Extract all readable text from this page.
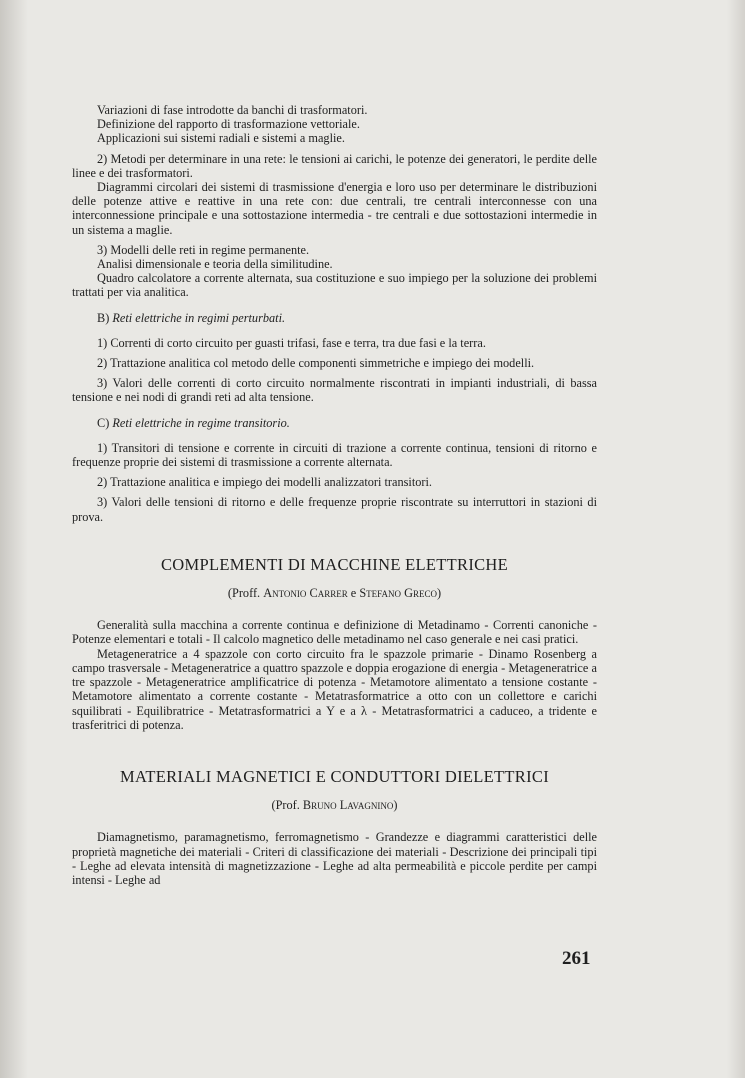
Variazioni di fase introdotte da banchi di trasformatori.

Definizione del rapporto di trasformazione vettoriale.

Applicazioni sui sistemi radiali e sistemi a maglie.

2) Metodi per determinare in una rete: le tensioni ai carichi, le potenze dei generatori, le perdite delle linee e dei trasformatori.

Diagrammi circolari dei sistemi di trasmissione d'energia e loro uso per determinare le distribuzioni delle potenze attive e reattive in una rete con: due centrali, tre centrali interconnesse con una interconnessione principale e una sottostazione intermedia - tre centrali e due sottostazioni intermedie in un sistema a maglie.

3) Modelli delle reti in regime permanente.

Analisi dimensionale e teoria della similitudine.

Quadro calcolatore a corrente alternata, sua costituzione e suo impiego per la soluzione dei problemi trattati per via analitica.

B) Reti elettriche in regimi perturbati.

1) Correnti di corto circuito per guasti trifasi, fase e terra, tra due fasi e la terra.

2) Trattazione analitica col metodo delle componenti simmetriche e impiego dei modelli.

3) Valori delle correnti di corto circuito normalmente riscontrati in impianti industriali, di bassa tensione e nei nodi di grandi reti ad alta tensione.

C) Reti elettriche in regime transitorio.

1) Transitori di tensione e corrente in circuiti di trazione a corrente continua, tensioni di ritorno e frequenze proprie dei sistemi di trasmissione a corrente alternata.

2) Trattazione analitica e impiego dei modelli analizzatori transitori.

3) Valori delle tensioni di ritorno e delle frequenze proprie riscontrate su interruttori in stazioni di prova.

COMPLEMENTI DI MACCHINE ELETTRICHE

(Proff. Antonio Carrer e Stefano Greco)

Generalità sulla macchina a corrente continua e definizione di Metadinamo - Correnti canoniche - Potenze elementari e totali - Il calcolo magnetico delle metadinamo nel caso generale e nei casi pratici.

Metageneratrice a 4 spazzole con corto circuito fra le spazzole primarie - Dinamo Rosenberg a campo trasversale - Metageneratrice a quattro spazzole e doppia erogazione di energia - Metageneratrice a tre spazzole - Metageneratrice amplificatrice di potenza - Metamotore alimentato a tensione costante - Metamotore alimentato a corrente costante - Metatrasformatrice a otto con un collettore e carichi squilibrati - Equilibratrice - Metatrasformatrici a Y e a λ - Metatrasformatrici a caduceo, a tridente e trasferitrici di potenza.

MATERIALI MAGNETICI E CONDUTTORI DIELETTRICI

(Prof. Bruno Lavagnino)

Diamagnetismo, paramagnetismo, ferromagnetismo - Grandezze e diagrammi caratteristici delle proprietà magnetiche dei materiali - Criteri di classificazione dei materiali - Descrizione dei principali tipi - Leghe ad elevata intensità di magnetizzazione - Leghe ad alta permeabilità e piccole perdite per campi intensi - Leghe ad

261
